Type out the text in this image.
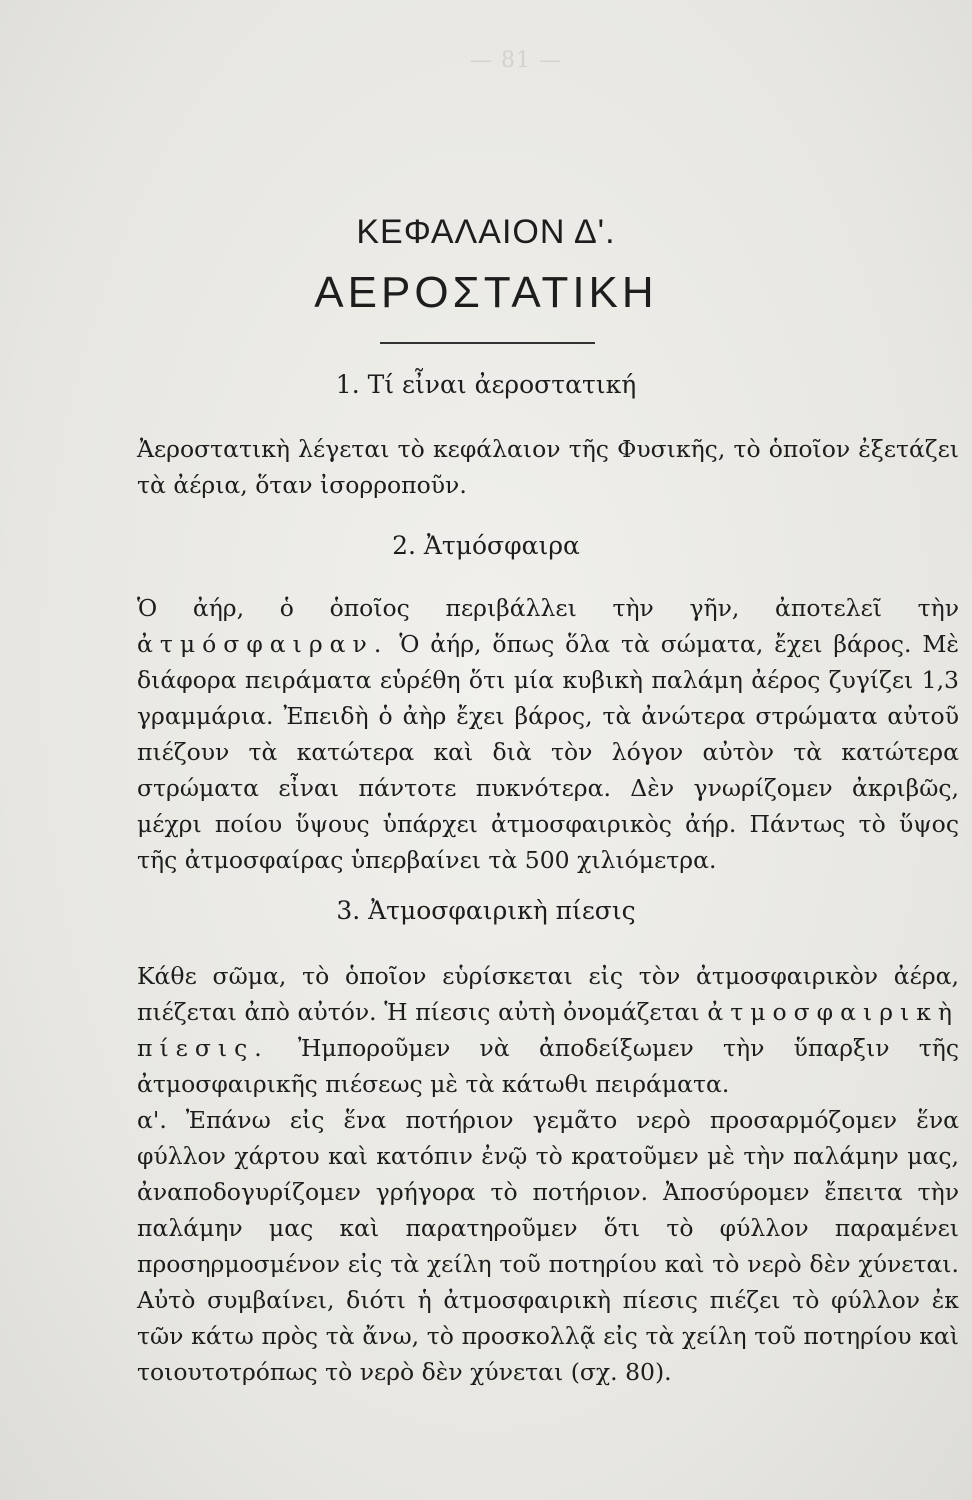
— 81 —
ΚΕΦΑΛΑΙΟΝ Δ'.
ΑΕΡΟΣΤΑΤΙΚΗ
1. Τί εἶναι ἀεροστατική
Ἀεροστατικὴ λέγεται τὸ κεφάλαιον τῆς Φυσικῆς, τὸ ὁποῖον ἐξετάζει τὰ ἀέρια, ὅταν ἰσορροποῦν.
2. Ἀτμόσφαιρα
Ὁ ἀήρ, ὁ ὁποῖος περιβάλλει τὴν γῆν, ἀποτελεῖ τὴν ἀτμόσφαιραν. Ὁ ἀήρ, ὅπως ὅλα τὰ σώματα, ἔχει βάρος. Μὲ διάφορα πειράματα εὑρέθη ὅτι μία κυβικὴ παλάμη ἀέρος ζυγίζει 1,3 γραμμάρια. Ἐπειδὴ ὁ ἀὴρ ἔχει βάρος, τὰ ἀνώτερα στρώματα αὐτοῦ πιέζουν τὰ κατώτερα καὶ διὰ τὸν λόγον αὐτὸν τὰ κατώτερα στρώματα εἶναι πάντοτε πυκνότερα. Δὲν γνωρίζομεν ἀκριβῶς, μέχρι ποίου ὕψους ὑπάρχει ἀτμοσφαιρικὸς ἀήρ. Πάντως τὸ ὕψος τῆς ἀτμοσφαίρας ὑπερβαίνει τὰ 500 χιλιόμετρα.
3. Ἀτμοσφαιρικὴ πίεσις
Κάθε σῶμα, τὸ ὁποῖον εὑρίσκεται εἰς τὸν ἀτμοσφαιρικὸν ἀέρα, πιέζεται ἀπὸ αὐτόν. Ἡ πίεσις αὐτὴ ὀνομάζεται ἀτμοσφαιρικὴ πίεσις. Ἠμποροῦμεν νὰ ἀποδείξωμεν τὴν ὕπαρξιν τῆς ἀτμοσφαιρικῆς πιέσεως μὲ τὰ κάτωθι πειράματα.
α'. Ἐπάνω εἰς ἕνα ποτήριον γεμᾶτο νερὸ προσαρμόζομεν ἕνα φύλλον χάρτου καὶ κατόπιν ἐνῷ τὸ κρατοῦμεν μὲ τὴν παλάμην μας, ἀναποδογυρίζομεν γρήγορα τὸ ποτήριον. Ἀποσύρομεν ἔπειτα τὴν παλάμην μας καὶ παρατηροῦμεν ὅτι τὸ φύλλον παραμένει προσηρμοσμένον εἰς τὰ χείλη τοῦ ποτηρίου καὶ τὸ νερὸ δὲν χύνεται. Αὐτὸ συμβαίνει, διότι ἡ ἀτμοσφαιρικὴ πίεσις πιέζει τὸ φύλλον ἐκ τῶν κάτω πρὸς τὰ ἄνω, τὸ προσκολλᾷ εἰς τὰ χείλη τοῦ ποτηρίου καὶ τοιουτοτρόπως τὸ νερὸ δὲν χύνεται (σχ. 80).
